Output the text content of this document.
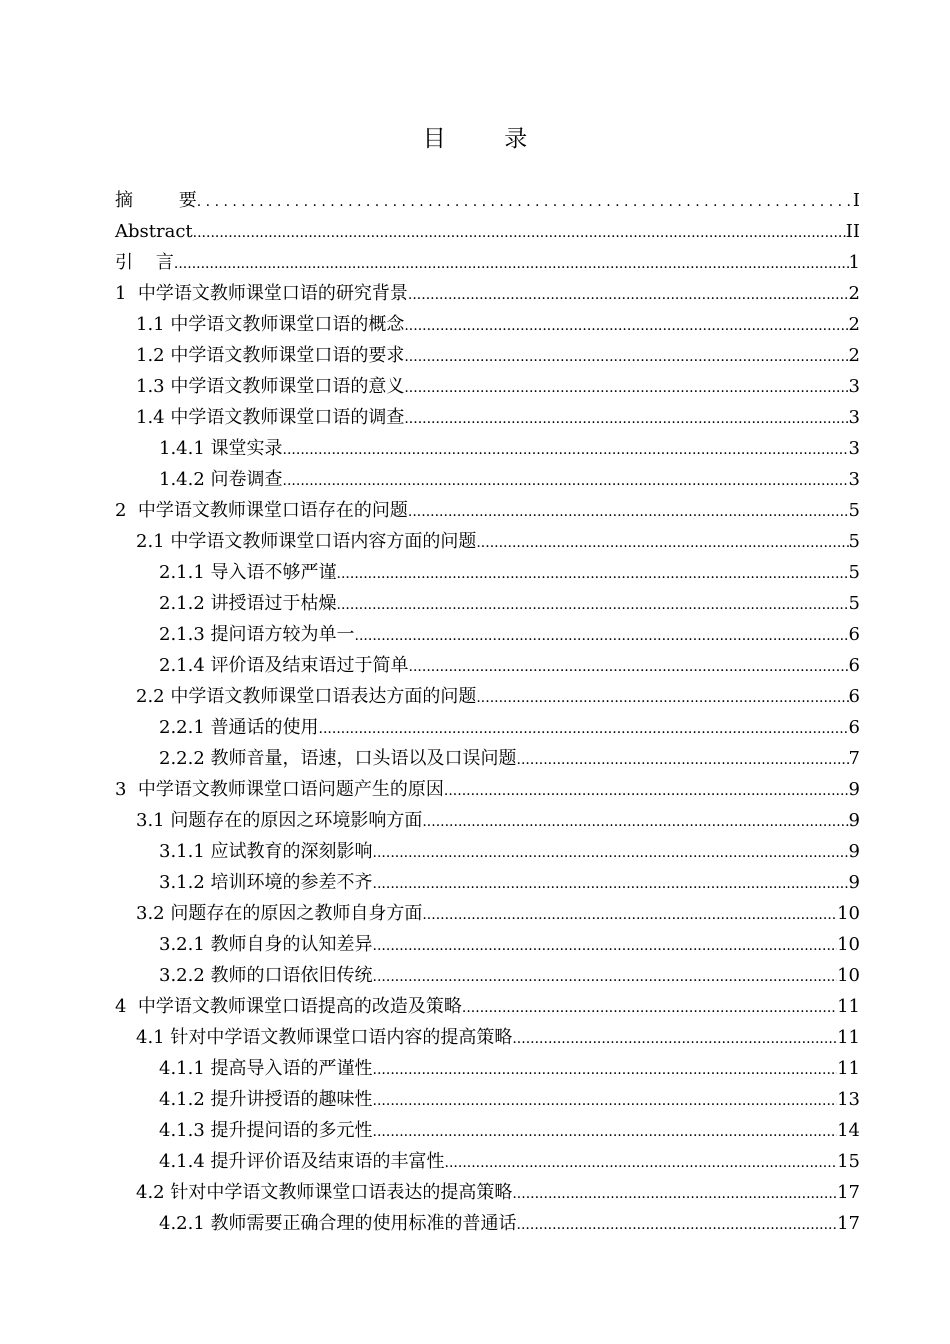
目        录
摘        要 . . .	I
Abstract .....	II
引    言 .....	1
1  中学语文教师课堂口语的研究背景 .....	2
1.1 中学语文教师课堂口语的概念 .....	2
1.2 中学语文教师课堂口语的要求 .....	2
1.3 中学语文教师课堂口语的意义 .....	3
1.4 中学语文教师课堂口语的调查 .....	3
1.4.1 课堂实录 .....	3
1.4.2 问卷调查 .....	3
2  中学语文教师课堂口语存在的问题 .....	5
2.1 中学语文教师课堂口语内容方面的问题 .....	5
2.1.1 导入语不够严谨 .....	5
2.1.2 讲授语过于枯燥 .....	5
2.1.3 提问语方较为单一 .....	6
2.1.4 评价语及结束语过于简单 .....	6
2.2 中学语文教师课堂口语表达方面的问题 .....	6
2.2.1 普通话的使用 .....	6
2.2.2 教师音量，语速，口头语以及口误问题 .....	7
3  中学语文教师课堂口语问题产生的原因 .....	9
3.1 问题存在的原因之环境影响方面 .....	9
3.1.1 应试教育的深刻影响 .....	9
3.1.2 培训环境的参差不齐 .....	9
3.2 问题存在的原因之教师自身方面 .....	10
3.2.1 教师自身的认知差异 .....	10
3.2.2 教师的口语依旧传统 .....	10
4  中学语文教师课堂口语提高的改造及策略 .....	11
4.1 针对中学语文教师课堂口语内容的提高策略 .....	11
4.1.1 提高导入语的严谨性 .....	11
4.1.2 提升讲授语的趣味性 .....	13
4.1.3 提升提问语的多元性 .....	14
4.1.4 提升评价语及结束语的丰富性 .....	15
4.2 针对中学语文教师课堂口语表达的提高策略 .....	17
4.2.1 教师需要正确合理的使用标准的普通话 .....	17
